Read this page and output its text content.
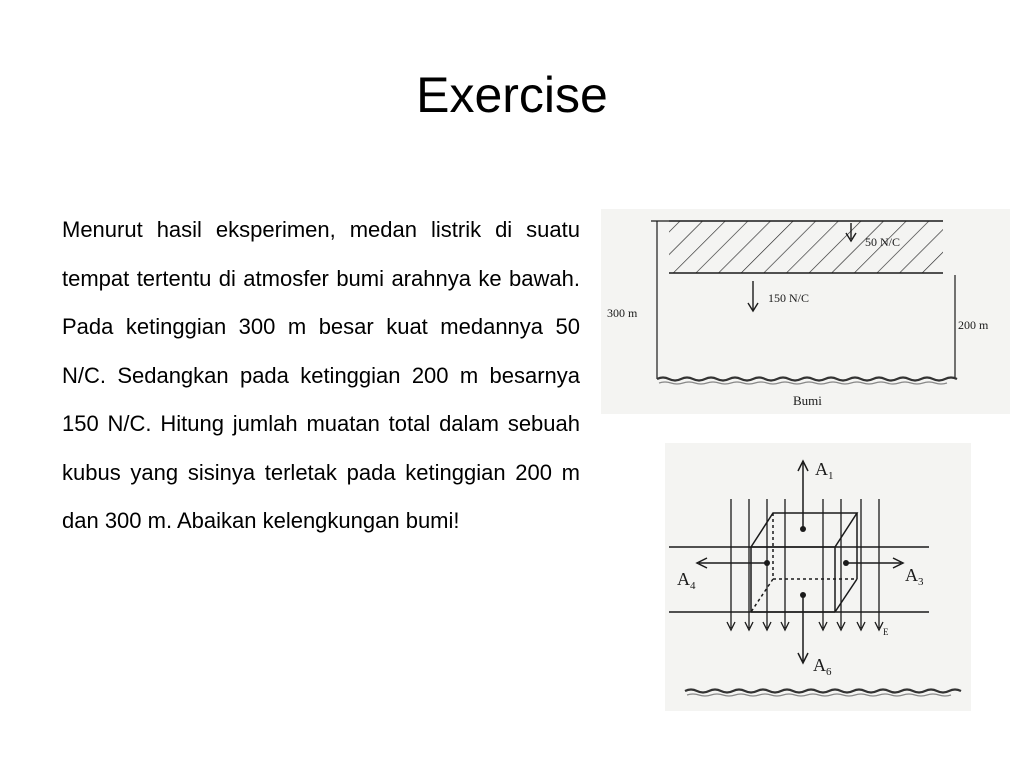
Exercise

Menurut hasil eksperimen, medan listrik di suatu tempat tertentu di atmosfer bumi arahnya ke bawah. Pada ketinggian 300 m besar kuat medannya 50 N/C. Sedangkan pada ketinggian 200 m besarnya 150 N/C. Hitung jumlah muatan total dalam sebuah kubus yang sisinya terletak pada ketinggian 200 m dan 300 m. Abaikan kelengkungan bumi!

300 m
200 m
50 N/C
150 N/C
Bumi
$A_1$
$A_4$
$A_3$
$A_6$
E
